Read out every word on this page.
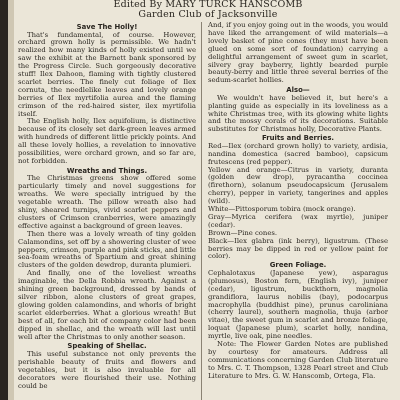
Edited By MARY TURCK HANSCOMB
Garden Club of Jacksonville
Save The Holly!

That's fundamental, of course. However, orchard grown holly is permissible. We hadn't realized how many kinds of holly existed until we saw the exhibit at the Barnett bank sponsored by the Progress Circle. Such gorgeously decorative stuff! Ilex Dahoon, flaming with tightly clustered scarlet berries. The finely cut foliage of Ilex cornuta, the needlelike leaves and lovely orange berries of Ilex myrtifolia aurea and the flaming crimson of the red-haired sister, ilex myrtifolia itself.

The English holly, Ilex aquifolium, is distinctive because of its closely set dark-green leaves armed with hundreds of different little prickly points. And all these lovely hollies, a revelation to innovative possibilities, were orchard grown, and so far are, not forbidden.

Wreaths and Things.

The Christmas greens show offered some particularly timely and novel suggestions for wreaths. We were specially intrigued by the vegetable wreath. The pillow wreath also had shiny, sheared turnips, vivid scarlet peppers and clusters of Crimson cranberries, were amazingly effective against a background of green leaves.

Then there was a lovely wreath of tiny golden Calamondins, set off by a showering cluster of wee peppers, crimson, purple and pink sticks, and little sea-foam wreaths of Spartium and great shining clusters of the golden dewdrop, duranta plumieri.

And finally, one of the loveliest wreaths imaginable, the Della Robbia wreath. Against a shining green background, dressed by bands of silver ribbon, alone clusters of great grapes, glowing golden calamondins, and whorls of bright scarlet elderberries. What a glorious wreath! But best of all, for each bit of company color had been dipped in shellac, and the wreath will last until well after the Christmas to only another season.

Speaking of Shellac.

This useful substance not only prevents the perishable beauty of fruits and flowers and vegetables, but it is also invaluable for all decorators were flourished their use. Nothing could be

And, if you enjoy going out in the woods, you would have liked the arrangement of wild materials—a lovely basket of pine cones (they must have been glued on some sort of foundation) carrying a delightful arrangement of sweet gum in scarlet, silvery gray bayberry, lightly bearded purple beauty-berry and little three several berries of the sedum-scarlet hollies.

Also—

We wouldn't have believed it, but here's a planting guide as especially in its loveliness as a white Christmas tree, with its glowing white lights and the mossy corals of its decorations. Suitable substitutes for Christmas holly, Decorative Plants.

Fruits and Berries.

Red—Ilex (orchard grown holly) to variety, ardisia, nandina domestica (sacred bamboo), capsicum frutescens (red pepper).

Yellow and orange—Citrus in variety, duranta (golden dew drop), pyracantha coccinea (firethorn), solanum pseudocapsicum (Jerusalem cherry), pepper in variety, tangerines and apples (wild).

White—Pittosporum tobira (mock orange).

Gray—Myrica cerifera (wax myrtle), juniper (cedar).

Brown—Pine cones.

Black—Ilex glabra (ink berry), ligustrum. (These berries may be dipped in red or yellow paint for color).

Green Foliage.

Cephalotaxus (Japanese yew), asparagus (plumosus), Boston fern, (English ivy), juniper (cedar), ligustrum, buckthorn, magnolia grandiflora, laurus nobilis (bay), podocarpus macrophylla (buddhist pine), prunus caroliniana (cherry laurel), southern magnolia, thuja (arbor vitae), the sweet gum in scarlet and bronze foliage, loquat (Japanese plum), scarlet holly, nandina, myrtle, live oak, pine needles.

Note: The Flower Garden Notes are published by courtesy for amateurs. Address all communications concerning Garden Club literature to Mrs. C. T. Thompson, 1328 Pearl street and Club Literature to Mrs. G. W. Hanscomb, Ortega, Fla.
